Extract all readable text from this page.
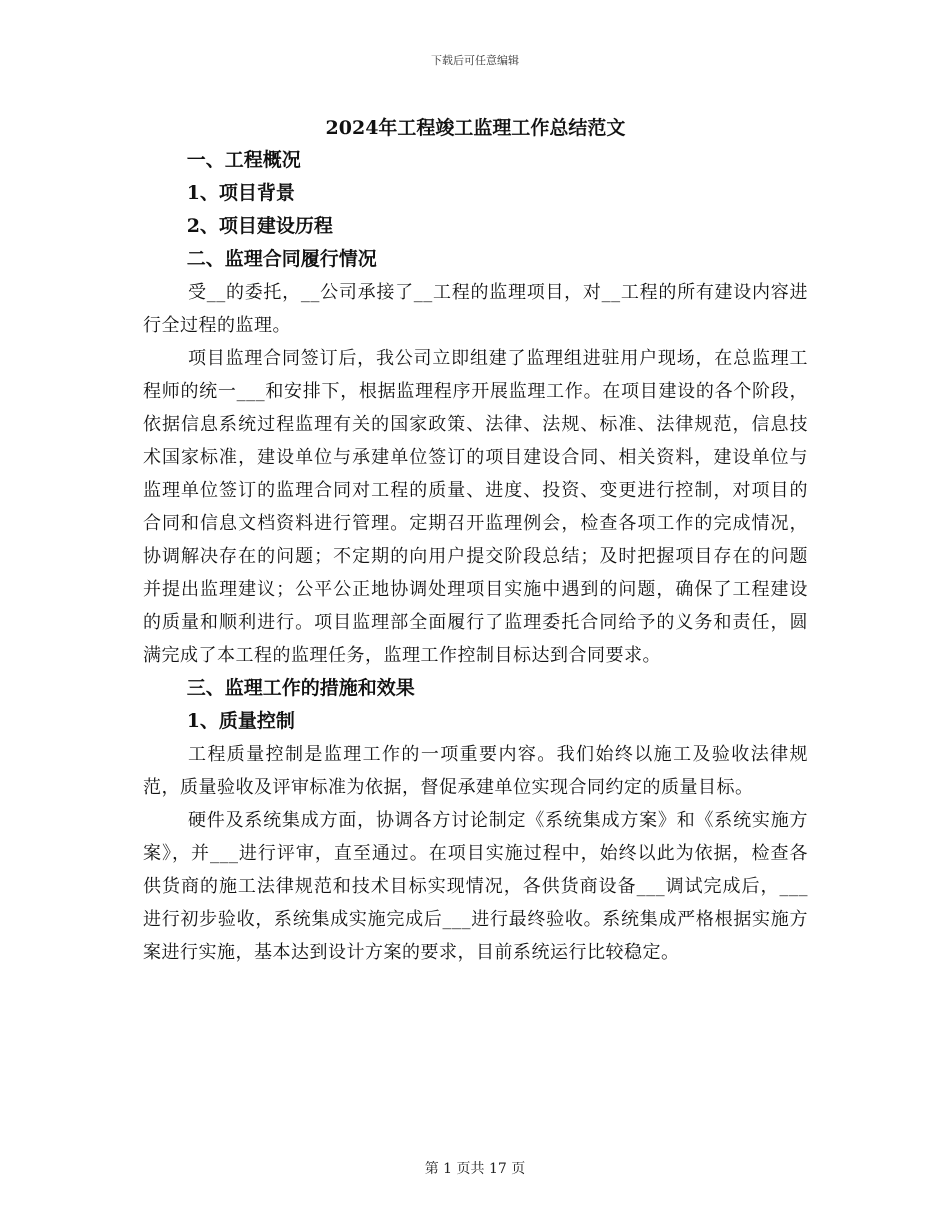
下载后可任意编辑
2024年工程竣工监理工作总结范文
一、工程概况
1、项目背景
2、项目建设历程
二、监理合同履行情况

受__的委托，__公司承接了__工程的监理项目，对__工程的所有建设内容进行全过程的监理。

项目监理合同签订后，我公司立即组建了监理组进驻用户现场，在总监理工程师的统一___和安排下，根据监理程序开展监理工作。在项目建设的各个阶段，依据信息系统过程监理有关的国家政策、法律、法规、标准、法律规范，信息技术国家标准，建设单位与承建单位签订的项目建设合同、相关资料，建设单位与监理单位签订的监理合同对工程的质量、进度、投资、变更进行控制，对项目的合同和信息文档资料进行管理。定期召开监理例会，检查各项工作的完成情况，协调解决存在的问题；不定期的向用户提交阶段总结；及时把握项目存在的问题并提出监理建议；公平公正地协调处理项目实施中遇到的问题，确保了工程建设的质量和顺利进行。项目监理部全面履行了监理委托合同给予的义务和责任，圆满完成了本工程的监理任务，监理工作控制目标达到合同要求。

三、监理工作的措施和效果
1、质量控制

工程质量控制是监理工作的一项重要内容。我们始终以施工及验收法律规范，质量验收及评审标准为依据，督促承建单位实现合同约定的质量目标。

硬件及系统集成方面，协调各方讨论制定《系统集成方案》和《系统实施方案》，并___进行评审，直至通过。在项目实施过程中，始终以此为依据，检查各供货商的施工法律规范和技术目标实现情况，各供货商设备___调试完成后，___进行初步验收，系统集成实施完成后___进行最终验收。系统集成严格根据实施方案进行实施，基本达到设计方案的要求，目前系统运行比较稳定。

第 1 页共 17 页
